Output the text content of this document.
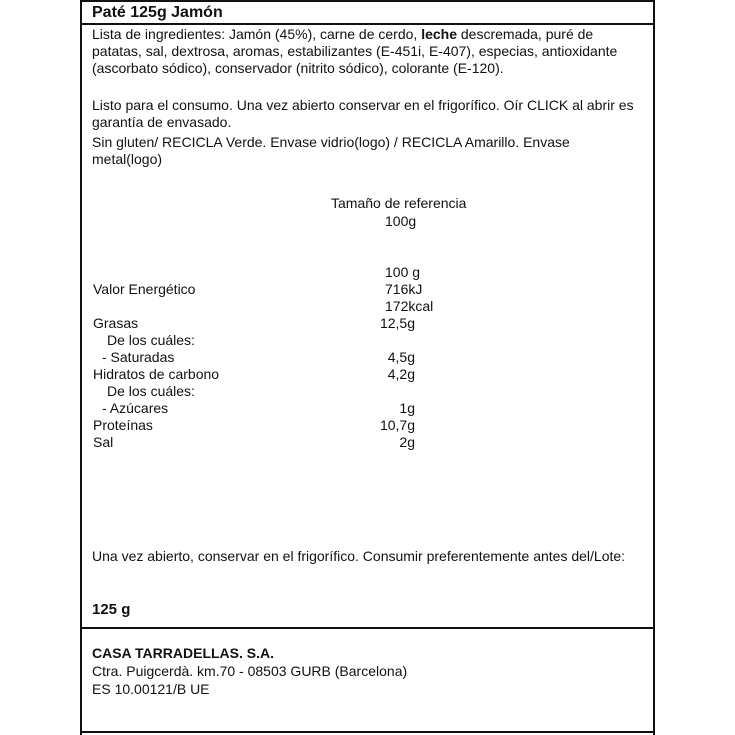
Paté 125g Jamón
Lista de ingredientes: Jamón (45%), carne de cerdo, leche descremada, puré de patatas, sal, dextrosa, aromas, estabilizantes (E-451i, E-407), especias, antioxidante (ascorbato sódico), conservador (nitrito sódico), colorante (E-120).
Listo para el consumo. Una vez abierto conservar en el frigorífico. Oír CLICK al abrir es garantía de envasado.
Sin gluten/ RECICLA Verde. Envase vidrio(logo) / RECICLA Amarillo. Envase metal(logo)
Tamaño de referencia
100g
100 g
Valor Energético	716kJ
172kcal
Grasas	12,5g
De los cuáles:
- Saturadas	4,5g
Hidratos de carbono	4,2g
De los cuáles:
- Azúcares	1g
Proteínas	10,7g
Sal	2g
Una vez abierto, conservar en el frigorífico. Consumir preferentemente antes del/Lote:
125 g
CASA TARRADELLAS. S.A.
Ctra. Puigcerdà. km.70 - 08503 GURB (Barcelona)
ES 10.00121/B UE
